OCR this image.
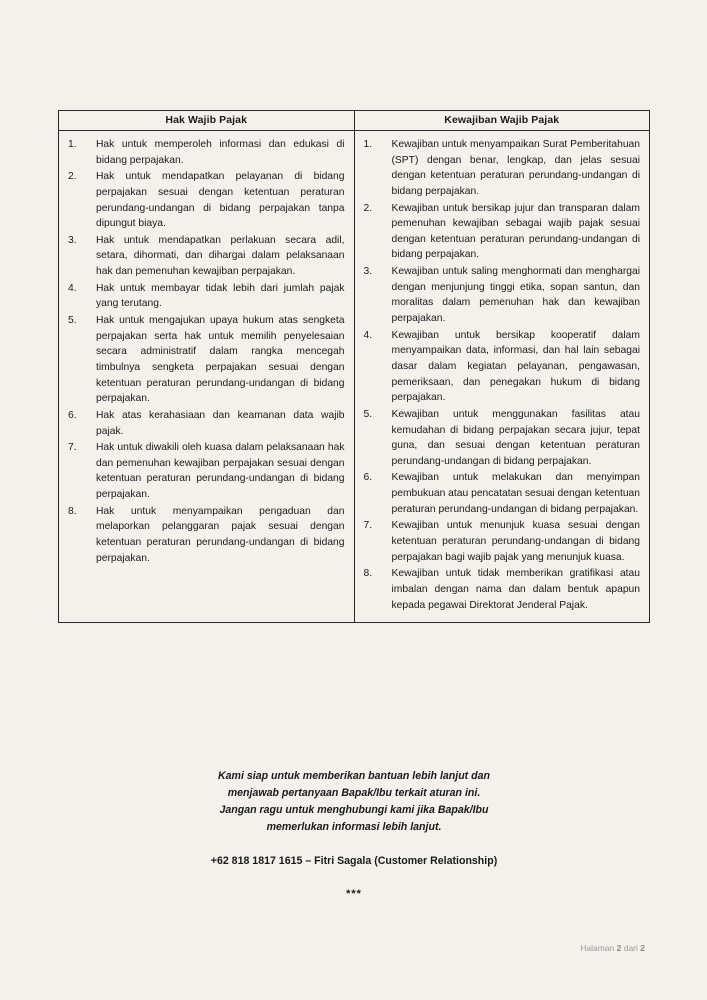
Hak Wajib Pajak	Kewajiban Wajib Pajak

Hak untuk memperoleh informasi dan edukasi di bidang perpajakan.
Hak untuk mendapatkan pelayanan di bidang perpajakan sesuai dengan ketentuan peraturan perundang-undangan di bidang perpajakan tanpa dipungut biaya.
Hak untuk mendapatkan perlakuan secara adil, setara, dihormati, dan dihargai dalam pelaksanaan hak dan pemenuhan kewajiban perpajakan.
Hak untuk membayar tidak lebih dari jumlah pajak yang terutang.
Hak untuk mengajukan upaya hukum atas sengketa perpajakan serta hak untuk memilih penyelesaian secara administratif dalam rangka mencegah timbulnya sengketa perpajakan sesuai dengan ketentuan peraturan perundang-undangan di bidang perpajakan.
Hak atas kerahasiaan dan keamanan data wajib pajak.
Hak untuk diwakili oleh kuasa dalam pelaksanaan hak dan pemenuhan kewajiban perpajakan sesuai dengan ketentuan peraturan perundang-undangan di bidang perpajakan.
Hak untuk menyampaikan pengaduan dan melaporkan pelanggaran pajak sesuai dengan ketentuan peraturan perundang-undangan di bidang perpajakan.

Kewajiban untuk menyampaikan Surat Pemberitahuan (SPT) dengan benar, lengkap, dan jelas sesuai dengan ketentuan peraturan perundang-undangan di bidang perpajakan.
Kewajiban untuk bersikap jujur dan transparan dalam pemenuhan kewajiban sebagai wajib pajak sesuai dengan ketentuan peraturan perundang-undangan di bidang perpajakan.
Kewajiban untuk saling menghormati dan menghargai dengan menjunjung tinggi etika, sopan santun, dan moralitas dalam pemenuhan hak dan kewajiban perpajakan.
Kewajiban untuk bersikap kooperatif dalam menyampaikan data, informasi, dan hal lain sebagai dasar dalam kegiatan pelayanan, pengawasan, pemeriksaan, dan penegakan hukum di bidang perpajakan.
Kewajiban untuk menggunakan fasilitas atau kemudahan di bidang perpajakan secara jujur, tepat guna, dan sesuai dengan ketentuan peraturan perundang-undangan di bidang perpajakan.
Kewajiban untuk melakukan dan menyimpan pembukuan atau pencatatan sesuai dengan ketentuan peraturan perundang-undangan di bidang perpajakan.
Kewajiban untuk menunjuk kuasa sesuai dengan ketentuan peraturan perundang-undangan di bidang perpajakan bagi wajib pajak yang menunjuk kuasa.
Kewajiban untuk tidak memberikan gratifikasi atau imbalan dengan nama dan dalam bentuk apapun kepada pegawai Direktorat Jenderal Pajak.
Kami siap untuk memberikan bantuan lebih lanjut dan
menjawab pertanyaan Bapak/Ibu terkait aturan ini.
Jangan ragu untuk menghubungi kami jika Bapak/Ibu
memerlukan informasi lebih lanjut.
+62 818 1817 1615 – Fitri Sagala (Customer Relationship)
***
Halaman 2 dari 2
